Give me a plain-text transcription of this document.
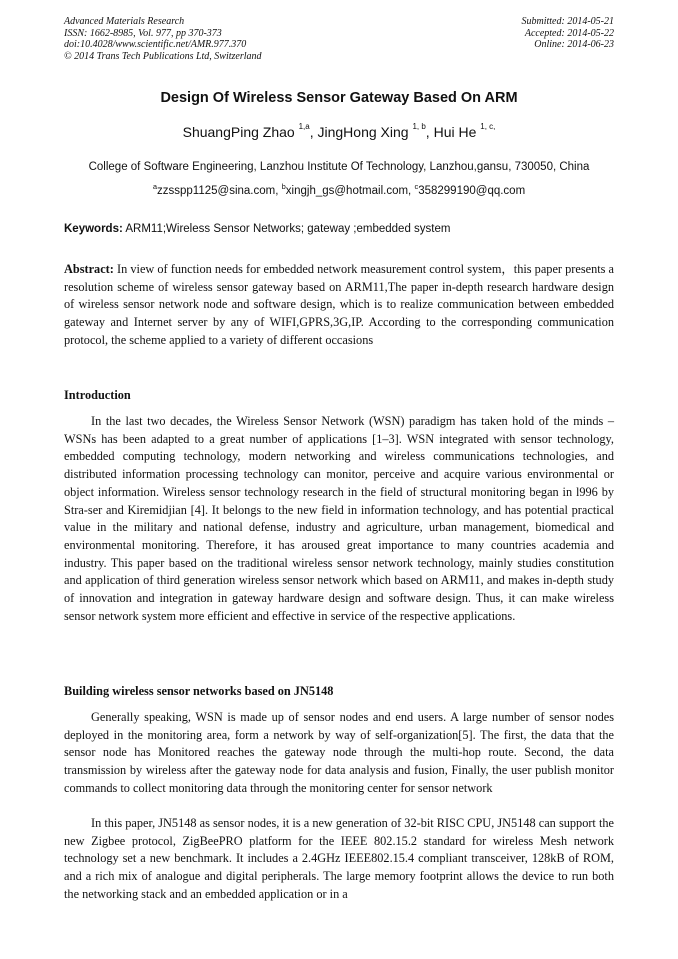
Advanced Materials Research
ISSN: 1662-8985, Vol. 977, pp 370-373
doi:10.4028/www.scientific.net/AMR.977.370
© 2014 Trans Tech Publications Ltd, Switzerland
Submitted: 2014-05-21
Accepted: 2014-05-22
Online: 2014-06-23
Design Of Wireless Sensor Gateway Based On ARM
ShuangPing Zhao $^{1,a}$, JingHong Xing $^{1, b}$, Hui He $^{1, c,}$
College of Software Engineering, Lanzhou Institute Of Technology, Lanzhou,gansu, 730050, China
$^a$zzsspp1125@sina.com, $^b$xingjh_gs@hotmail.com, $^c$358299190@qq.com
Keywords: ARM11;Wireless Sensor Networks; gateway ;embedded system
Abstract: In view of function needs for embedded network measurement control system，this paper presents a resolution scheme of wireless sensor gateway based on ARM11,The paper in-depth research hardware design of wireless sensor network node and software design, which is to realize communication between embedded gateway and Internet server by any of WIFI,GPRS,3G,IP. According to the corresponding communication protocol, the scheme applied to a variety of different occasions
Introduction
In the last two decades, the Wireless Sensor Network (WSN) paradigm has taken hold of the minds – WSNs has been adapted to a great number of applications [1–3]. WSN integrated with sensor technology, embedded computing technology, modern networking and wireless communications technologies, and distributed information processing technology can monitor, perceive and acquire various environmental or object information. Wireless sensor technology research in the field of structural monitoring began in l996 by Stra-ser and Kiremidjian [4]. It belongs to the new field in information technology, and has potential practical value in the military and national defense, industry and agriculture, urban management, biomedical and environmental monitoring. Therefore, it has aroused great importance to many countries academia and industry. This paper based on the traditional wireless sensor network technology, mainly studies constitution and application of third generation wireless sensor network which based on ARM11, and makes in-depth study of innovation and integration in gateway hardware design and software design. Thus, it can make wireless sensor network system more efficient and effective in service of the respective applications.
Building wireless sensor networks based on JN5148
Generally speaking, WSN is made up of sensor nodes and end users. A large number of sensor nodes deployed in the monitoring area, form a network by way of self-organization[5]. The first, the data that the sensor node has Monitored reaches the gateway node through the multi-hop route. Second, the data transmission by wireless after the gateway node for data analysis and fusion, Finally, the user publish monitor commands to collect monitoring data through the monitoring center for sensor network
In this paper, JN5148 as sensor nodes, it is a new generation of 32-bit RISC CPU, JN5148 can support the new Zigbee protocol, ZigBeePRO platform for the IEEE 802.15.2 standard for wireless Mesh network technology set a new benchmark. It includes a 2.4GHz IEEE802.15.4 compliant transceiver, 128kB of ROM, and a rich mix of analogue and digital peripherals. The large memory footprint allows the device to run both the networking stack and an embedded application or in a
